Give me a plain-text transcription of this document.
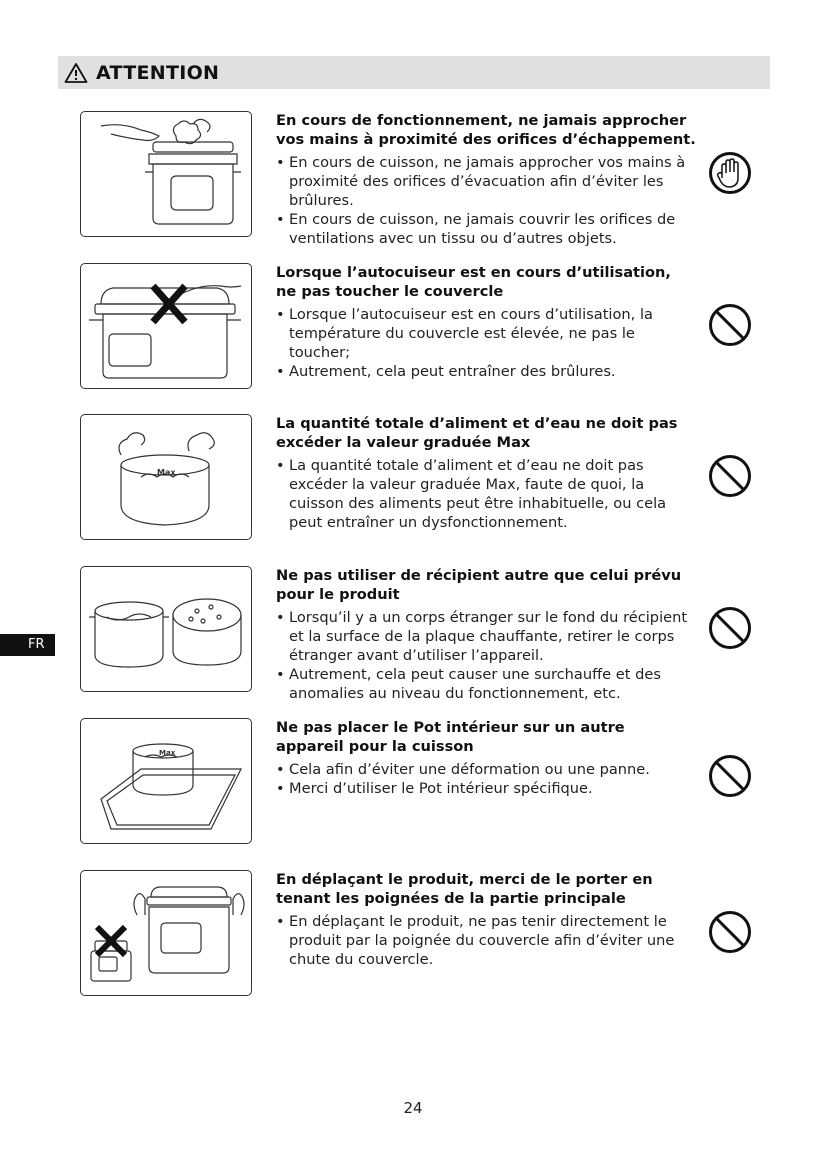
ATTENTION

En cours de fonctionnement, ne jamais approcher vos mains à proximité des orifices d’échappement.

• En cours de cuisson, ne jamais approcher vos mains à proximité des orifices d’évacuation afin d’éviter les brûlures.
• En cours de cuisson, ne jamais couvrir les orifices de ventilations avec un tissu ou d’autres objets.

Lorsque l’autocuiseur est en cours d’utilisation, ne pas toucher le couvercle

• Lorsque l’autocuiseur est en cours d’utilisation, la température du couvercle est élevée, ne pas le toucher;
• Autrement, cela peut entraîner des brûlures.
Max

La quantité totale d’aliment et d’eau ne doit pas excéder la valeur graduée Max

• La quantité totale d’aliment et d’eau ne doit pas excéder la valeur graduée Max, faute de quoi, la cuisson des aliments peut être inhabituelle, ou cela peut entraîner un dysfonctionnement.

Ne pas utiliser de récipient autre que celui prévu pour le produit

• Lorsqu’il y a un corps étranger sur le fond du récipient et la surface de la plaque chauffante, retirer le corps étranger avant d’utiliser l’appareil.
• Autrement, cela peut causer une surchauffe et des anomalies au niveau du fonctionnement, etc.
Max

Ne pas placer le Pot intérieur sur un autre appareil pour la cuisson

• Cela afin d’éviter une déformation ou une panne.
• Merci d’utiliser le Pot intérieur spécifique.

En déplaçant le produit, merci de le porter en tenant les poignées de la partie principale

• En déplaçant le produit, ne pas tenir directement le produit par la poignée du couvercle afin d’éviter une chute du couvercle.
FR
24
